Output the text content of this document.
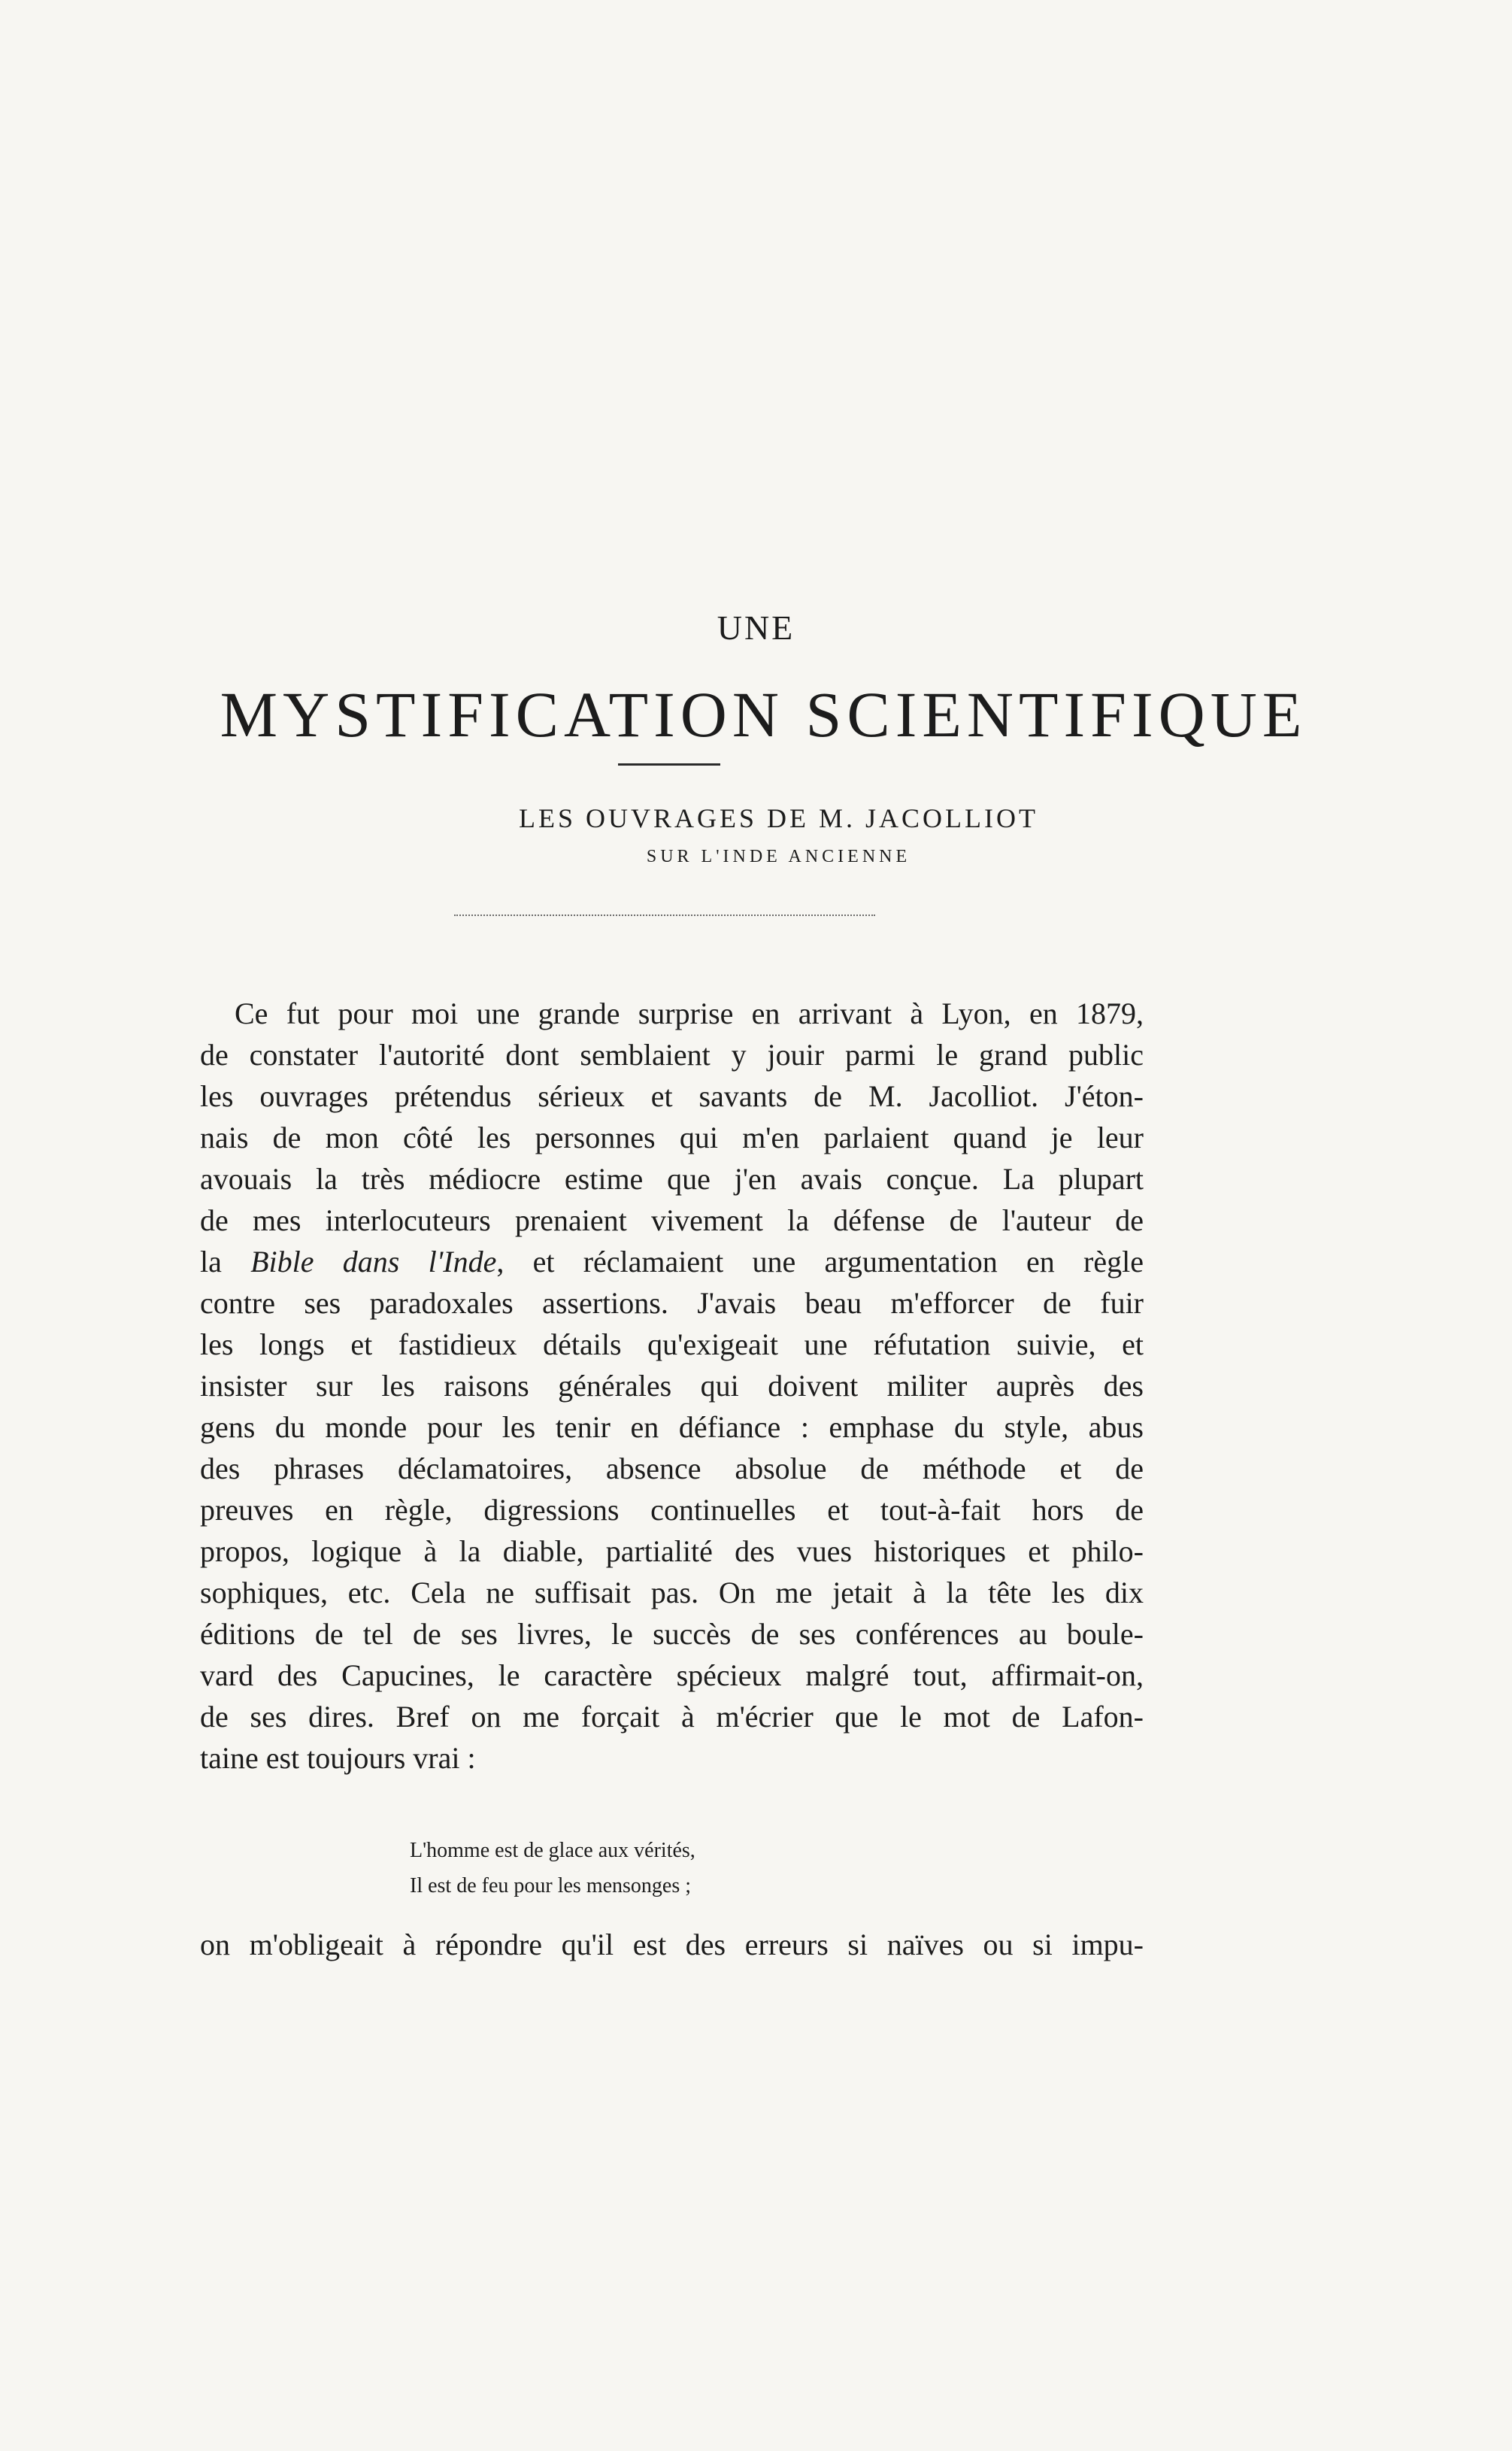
UNE
MYSTIFICATION SCIENTIFIQUE
LES OUVRAGES DE M. JACOLLIOT
SUR L'INDE ANCIENNE
Ce fut pour moi une grande surprise en arrivant à Lyon, en 1879,
de constater l'autorité dont semblaient y jouir parmi le grand public
les ouvrages prétendus sérieux et savants de M. Jacolliot. J'éton-
nais de mon côté les personnes qui m'en parlaient quand je leur
avouais la très médiocre estime que j'en avais conçue. La plupart
de mes interlocuteurs prenaient vivement la défense de l'auteur de
la Bible dans l'Inde, et réclamaient une argumentation en règle
contre ses paradoxales assertions. J'avais beau m'efforcer de fuir
les longs et fastidieux détails qu'exigeait une réfutation suivie, et
insister sur les raisons générales qui doivent militer auprès des
gens du monde pour les tenir en défiance : emphase du style, abus
des phrases déclamatoires, absence absolue de méthode et de
preuves en règle, digressions continuelles et tout-à-fait hors de
propos, logique à la diable, partialité des vues historiques et philo-
sophiques, etc. Cela ne suffisait pas. On me jetait à la tête les dix
éditions de tel de ses livres, le succès de ses conférences au boule-
vard des Capucines, le caractère spécieux malgré tout, affirmait-on,
de ses dires. Bref on me forçait à m'écrier que le mot de Lafon-
taine est toujours vrai :
L'homme est de glace aux vérités,
Il est de feu pour les mensonges ;
on m'obligeait à répondre qu'il est des erreurs si naïves ou si impu-
